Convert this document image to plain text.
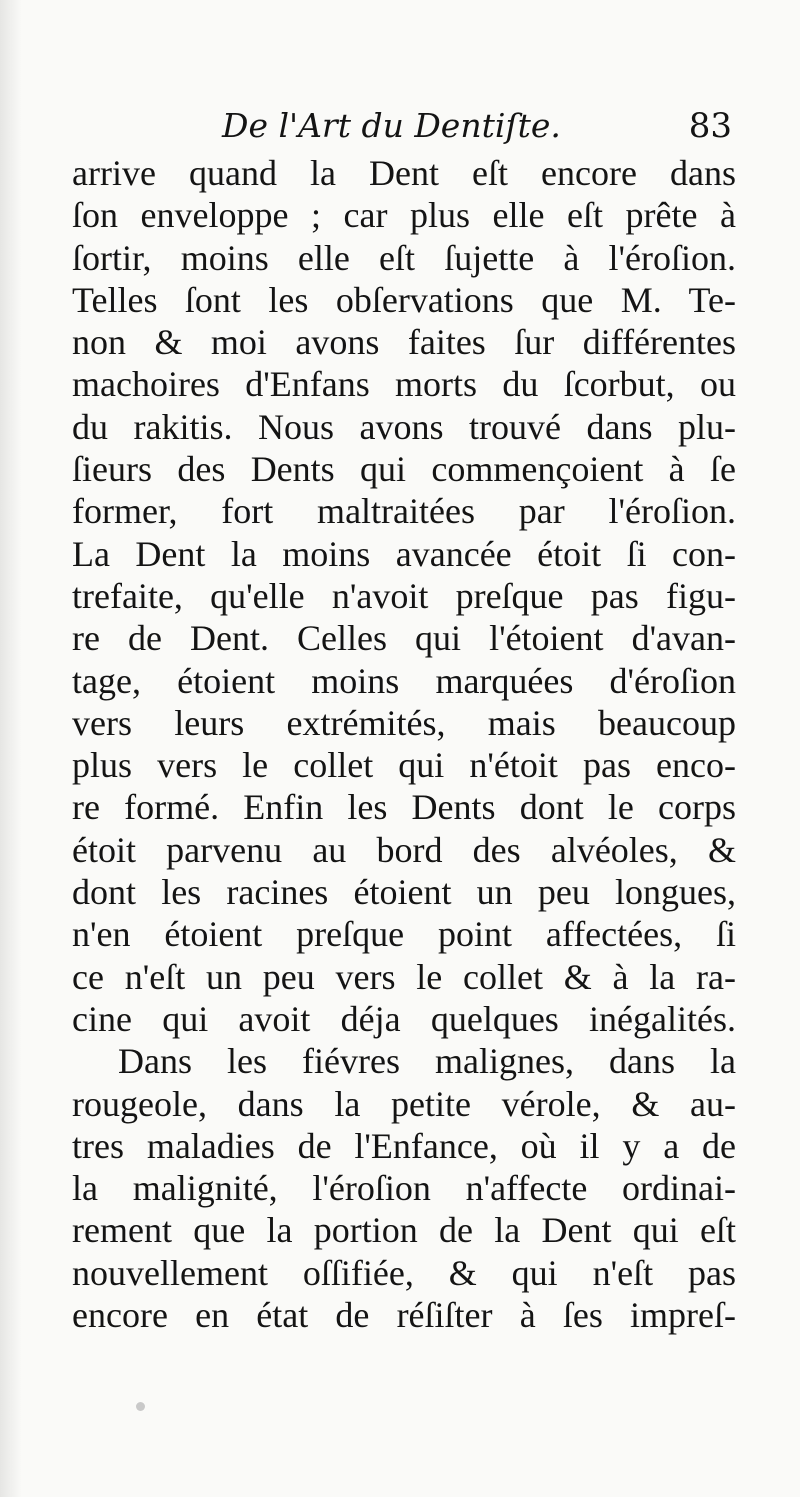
De l'Art du Dentiſte.	83
arrive quand la Dent eſt encore dans
ſon enveloppe ; car plus elle eſt prête à
ſortir, moins elle eſt ſujette à l'éroſion.
Telles ſont les obſervations que M. Te-
non & moi avons faites ſur différentes
machoires d'Enfans morts du ſcorbut, ou
du rakitis. Nous avons trouvé dans plu-
ſieurs des Dents qui commençoient à ſe
former, fort maltraitées par l'éroſion.
La Dent la moins avancée étoit ſi con-
trefaite, qu'elle n'avoit preſque pas figu-
re de Dent. Celles qui l'étoient d'avan-
tage, étoient moins marquées d'éroſion
vers leurs extrémités, mais beaucoup
plus vers le collet qui n'étoit pas enco-
re formé. Enfin les Dents dont le corps
étoit parvenu au bord des alvéoles, &
dont les racines étoient un peu longues,
n'en étoient preſque point affectées, ſi
ce n'eſt un peu vers le collet & à la ra-
cine qui avoit déja quelques inégalités.
Dans les fiévres malignes, dans la
rougeole, dans la petite vérole, & au-
tres maladies de l'Enfance, où il y a de
la malignité, l'éroſion n'affecte ordinai-
rement que la portion de la Dent qui eſt
nouvellement oſſifiée, & qui n'eſt pas
encore en état de réſiſter à ſes impreſ-
